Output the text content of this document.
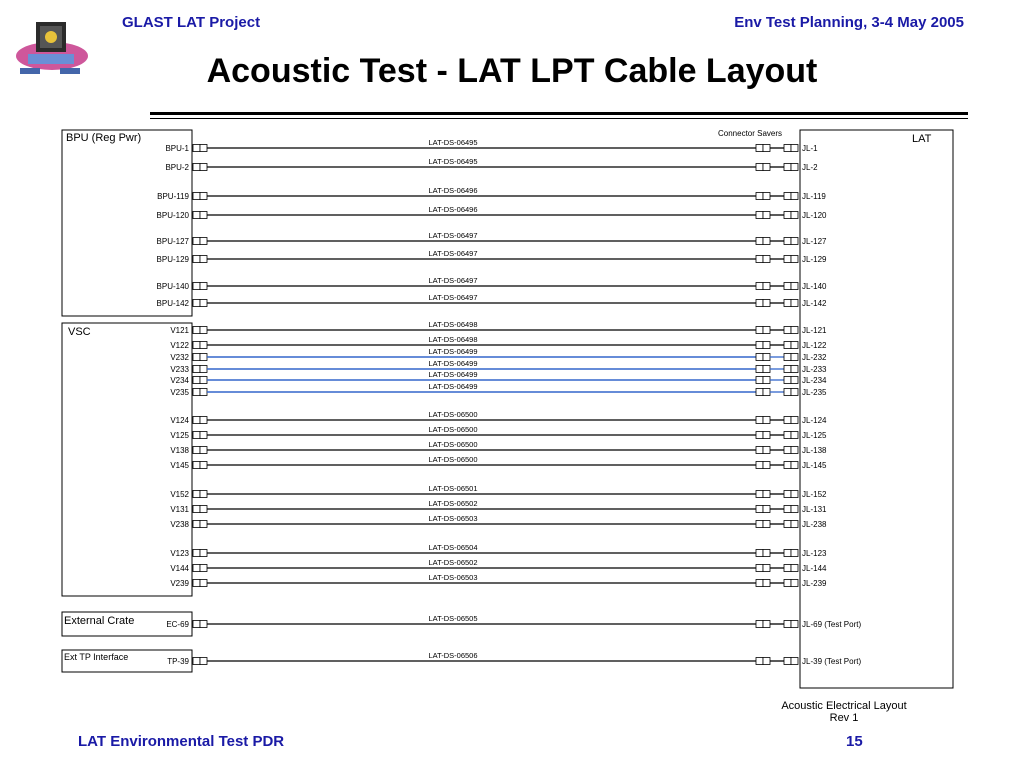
GLAST LAT Project	Env Test Planning, 3-4 May 2005
Acoustic Test - LAT LPT Cable Layout
BPU (Reg Pwr)
VSC
External Crate
Ext TP Interface
LAT
Connector Savers
Acoustic Electrical Layout
Rev 1
BPU-1
LAT-DS-06495
JL-1
BPU-2
LAT-DS-06495
JL-2
BPU-119
LAT-DS-06496
JL-119
BPU-120
LAT-DS-06496
JL-120
BPU-127
LAT-DS-06497
JL-127
BPU-129
LAT-DS-06497
JL-129
BPU-140
LAT-DS-06497
JL-140
BPU-142
LAT-DS-06497
JL-142
V121
LAT-DS-06498
JL-121
V122
LAT-DS-06498
JL-122
V232
LAT-DS-06499
JL-232
V233
LAT-DS-06499
JL-233
V234
LAT-DS-06499
JL-234
V235
LAT-DS-06499
JL-235
V124
LAT-DS-06500
JL-124
V125
LAT-DS-06500
JL-125
V138
LAT-DS-06500
JL-138
V145
LAT-DS-06500
JL-145
V152
LAT-DS-06501
JL-152
V131
LAT-DS-06502
JL-131
V238
LAT-DS-06503
JL-238
V123
LAT-DS-06504
JL-123
V144
LAT-DS-06502
JL-144
V239
LAT-DS-06503
JL-239
EC-69
LAT-DS-06505
JL-69 (Test Port)
TP-39
LAT-DS-06506
JL-39 (Test Port)
LAT Environmental Test PDR	15
